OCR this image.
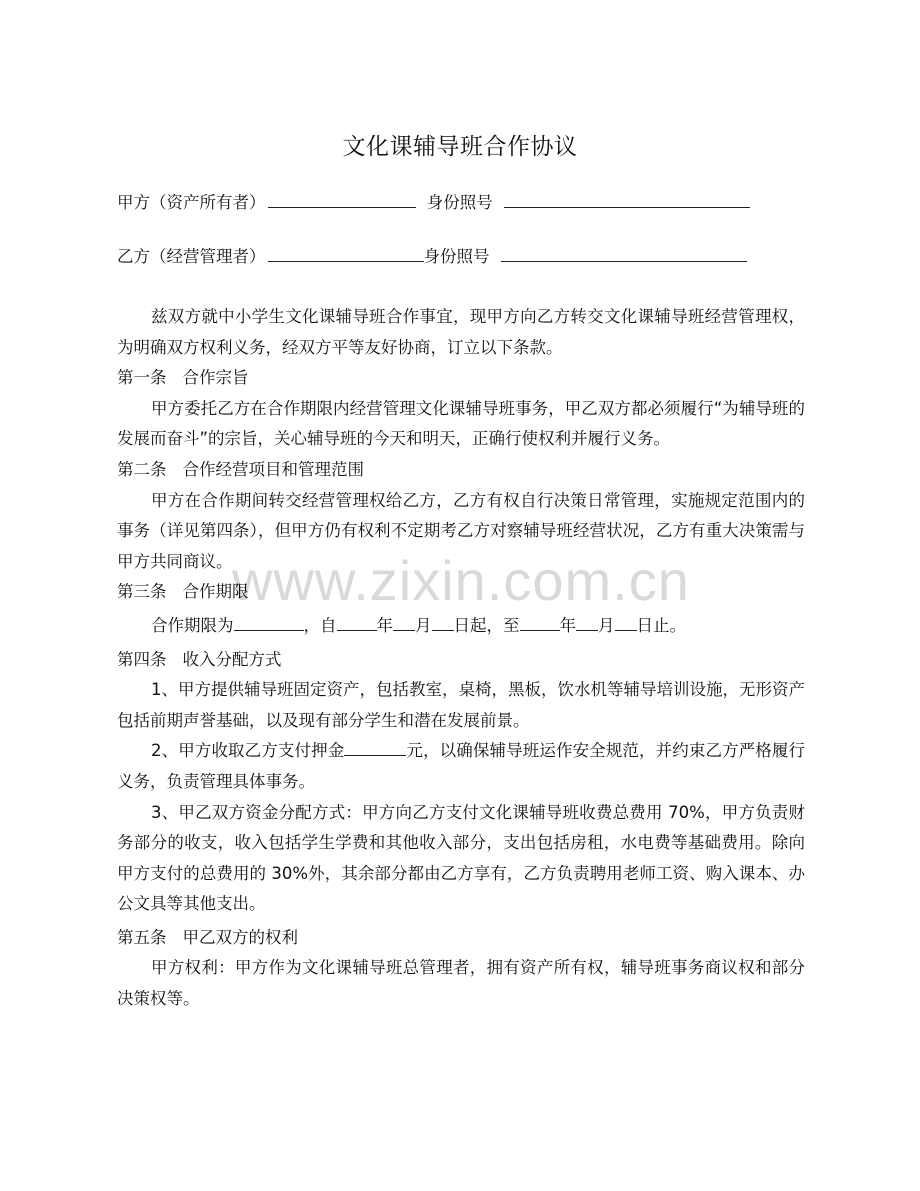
www.zixin.com.cn
文化课辅导班合作协议
甲方（资产所有者）	身份照号
乙方（经营管理者）	身份照号

兹双方就中小学生文化课辅导班合作事宜，现甲方向乙方转交文化课辅导班经营管理权，为明确双方权利义务，经双方平等友好协商，订立以下条款。

第一条 合作宗旨

甲方委托乙方在合作期限内经营管理文化课辅导班事务，甲乙双方都必须履行“为辅导班的发展而奋斗”的宗旨，关心辅导班的今天和明天，正确行使权利并履行义务。

第二条 合作经营项目和管理范围

甲方在合作期间转交经营管理权给乙方，乙方有权自行决策日常管理，实施规定范围内的事务（详见第四条），但甲方仍有权利不定期考乙方对察辅导班经营状况，乙方有重大决策需与甲方共同商议。

第三条 合作期限

合作期限为	，自 年 月 日起，至 年 月 日止。

第四条 收入分配方式

1、甲方提供辅导班固定资产，包括教室，桌椅，黑板，饮水机等辅导培训设施，无形资产包括前期声誉基础，以及现有部分学生和潜在发展前景。

2、甲方收取乙方支付押金	元，以确保辅导班运作安全规范，并约束乙方严格履行义务，负责管理具体事务。

3、甲乙双方资金分配方式：甲方向乙方支付文化课辅导班收费总费用 70%，甲方负责财务部分的收支，收入包括学生学费和其他收入部分，支出包括房租，水电费等基础费用。除向甲方支付的总费用的 30%外，其余部分都由乙方享有，乙方负责聘用老师工资、购入课本、办公文具等其他支出。

第五条 甲乙双方的权利

甲方权利：甲方作为文化课辅导班总管理者，拥有资产所有权，辅导班事务商议权和部分决策权等。
